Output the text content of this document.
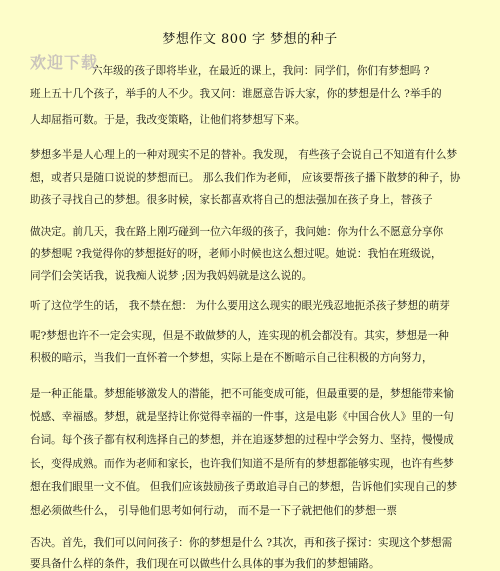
梦想作文 800 字 梦想的种子
欢迎下载
六年级的孩子即将毕业，在最近的课上，我问：同学们，你们有梦想吗 ?
班上五十几个孩子，举手的人不少。我又问：谁愿意告诉大家，你的梦想是什么 ?举手的
人却屈指可数。于是，我改变策略，让他们将梦想写下来。
梦想多半是人心理上的一种对现实不足的替补。我发现， 有些孩子会说自己不知道有什么梦
想，或者只是随口说说的梦想而已。 那么我们作为老师， 应该要帮孩子播下散梦的种子，协
助孩子寻找自己的梦想。很多时候，家长都喜欢将自己的想法强加在孩子身上，替孩子
做决定。前几天，我在路上刚巧碰到一位六年级的孩子，我问她：你为什么不愿意分享你
的梦想呢 ?我觉得你的梦想挺好的呀，老师小时候也这么想过呢。她说：我怕在班级说，
同学们会笑话我，说我痴人说梦 ;因为我妈妈就是这么说的。
听了这位学生的话， 我不禁在想： 为什么要用这么现实的眼光残忍地扼杀孩子梦想的萌芽
呢?梦想也许不一定会实现，但是不敢做梦的人，连实现的机会都没有。其实，梦想是一种
积极的暗示，当我们一直怀着一个梦想，实际上是在不断暗示自己往积极的方向努力，
是一种正能量。梦想能够激发人的潜能，把不可能变成可能，但最重要的是，梦想能带来愉
悦感、幸福感。梦想，就是坚持让你觉得幸福的一件事，这是电影《中国合伙人》里的一句
台词。每个孩子都有权利选择自己的梦想，并在追逐梦想的过程中学会努力、坚持，慢慢成
长，变得成熟。而作为老师和家长，也许我们知道不是所有的梦想都能够实现，也许有些梦
想在我们眼里一文不值。 但我们应该鼓励孩子勇敢追寻自己的梦想，告诉他们实现自己的梦
想必须做些什么， 引导他们思考如何行动， 而不是一下子就把他们的梦想一票
否决。首先，我们可以问问孩子：你的梦想是什么 ?其次，再和孩子探讨：实现这个梦想需
要具备什么样的条件，我们现在可以做些什么具体的事为我们的梦想铺路。
